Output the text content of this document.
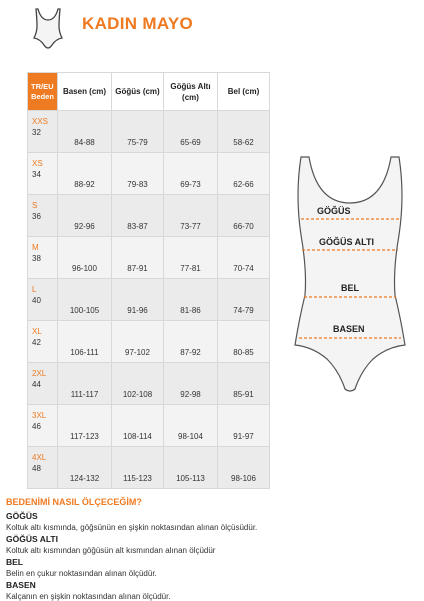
KADIN MAYO
TR/EU
Beden	Basen (cm)	Göğüs (cm)	Göğüs Altı (cm)	Bel (cm)

XXS
32	84-88	75-79	65-69	58-62

XS
34	88-92	79-83	69-73	62-66

S
36	92-96	83-87	73-77	66-70

M
38	96-100	87-91	77-81	70-74

L
40	100-105	91-96	81-86	74-79

XL
42	106-111	97-102	87-92	80-85

2XL
44	111-117	102-108	92-98	85-91

3XL
46	117-123	108-114	98-104	91-97

4XL
48	124-132	115-123	105-113	98-106
GÖĞÜS
GÖĞÜS ALTI
BEL
BASEN
BEDENİMİ NASIL ÖLÇECEĞİM?
GÖĞÜS
Koltuk altı kısmında, göğsünün en şişkin noktasından alınan ölçüsüdür.
GÖĞÜS ALTI
Koltuk altı kısmından göğüsün alt kısmından alınan ölçüdür
BEL
Belin en çukur noktasından alınan ölçüdür.
BASEN
Kalçanın en şişkin noktasından alınan ölçüdür.
